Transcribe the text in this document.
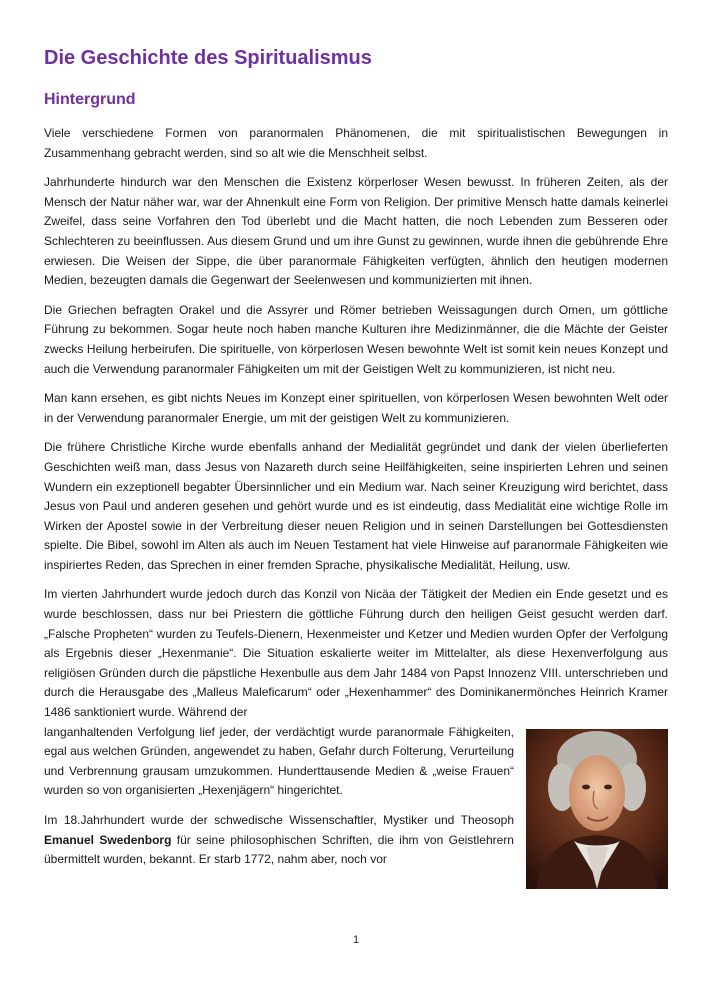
Die Geschichte des Spiritualismus
Hintergrund

Viele verschiedene Formen von paranormalen Phänomenen, die mit spiritualistischen Bewegungen in Zusammenhang gebracht werden, sind so alt wie die Menschheit selbst.

Jahrhunderte hindurch war den Menschen die Existenz körperloser Wesen bewusst. In früheren Zeiten, als der Mensch der Natur näher war, war der Ahnenkult eine Form von Religion. Der primitive Mensch hatte damals keinerlei Zweifel, dass seine Vorfahren den Tod überlebt und die Macht hatten, die noch Lebenden zum Besseren oder Schlechteren zu beeinflussen. Aus diesem Grund und um ihre Gunst zu gewinnen, wurde ihnen die gebührende Ehre erwiesen. Die Weisen der Sippe, die über paranormale Fähigkeiten verfügten, ähnlich den heutigen modernen Medien, bezeugten damals die Gegenwart der Seelenwesen und kommunizierten mit ihnen.

Die Griechen befragten Orakel und die Assyrer und Römer betrieben Weissagungen durch Omen, um göttliche Führung zu bekommen. Sogar heute noch haben manche Kulturen ihre Medizinmänner, die die Mächte der Geister zwecks Heilung herbeirufen. Die spirituelle, von körperlosen Wesen bewohnte Welt ist somit kein neues Konzept und auch die Verwendung paranormaler Fähigkeiten um mit der Geistigen Welt zu kommunizieren, ist nicht neu.

Man kann ersehen, es gibt nichts Neues im Konzept einer spirituellen, von körperlosen Wesen bewohnten Welt oder in der Verwendung paranormaler Energie, um mit der geistigen Welt zu kommunizieren.

Die frühere Christliche Kirche wurde ebenfalls anhand der Medialität gegründet und dank der vielen überlieferten Geschichten weiß man, dass Jesus von Nazareth durch seine Heilfähigkeiten, seine inspirierten Lehren und seinen Wundern ein exzeptionell begabter Übersinnlicher und ein Medium war. Nach seiner Kreuzigung wird berichtet, dass Jesus von Paul und anderen gesehen und gehört wurde und es ist eindeutig, dass Medialität eine wichtige Rolle im Wirken der Apostel sowie in der Verbreitung dieser neuen Religion und in seinen Darstellungen bei Gottesdiensten spielte. Die Bibel, sowohl im Alten als auch im Neuen Testament hat viele Hinweise auf paranormale Fähigkeiten wie inspiriertes Reden, das Sprechen in einer fremden Sprache, physikalische Medialität, Heilung, usw.

Im vierten Jahrhundert wurde jedoch durch das Konzil von Nicäa der Tätigkeit der Medien ein Ende gesetzt und es wurde beschlossen, dass nur bei Priestern die göttliche Führung durch den heiligen Geist gesucht werden darf. „Falsche Propheten“ wurden zu Teufels-Dienern, Hexenmeister und Ketzer und Medien wurden Opfer der Verfolgung als Ergebnis dieser „Hexenmanie“. Die Situation eskalierte weiter im Mittelalter, als diese Hexenverfolgung aus religiösen Gründen durch die päpstliche Hexenbulle aus dem Jahr 1484 von Papst Innozenz VIII. unterschrieben und durch die Herausgabe des „Malleus Maleficarum“ oder „Hexenhammer“ des Dominikanermönches Heinrich Kramer 1486 sanktioniert wurde. Während der

langanhaltenden Verfolgung lief jeder, der verdächtigt wurde paranormale Fähigkeiten, egal aus welchen Gründen, angewendet zu haben, Gefahr durch Folterung, Verurteilung und Verbrennung grausam umzukommen. Hunderttausende Medien & „weise Frauen“ wurden so von organisierten „Hexenjägern“ hingerichtet.

Im 18.Jahrhundert wurde der schwedische Wissenschaftler, Mystiker und Theosoph Emanuel Swedenborg für seine philosophischen Schriften, die ihm von Geistlehrern übermittelt wurden, bekannt. Er starb 1772, nahm aber, noch vor

1
